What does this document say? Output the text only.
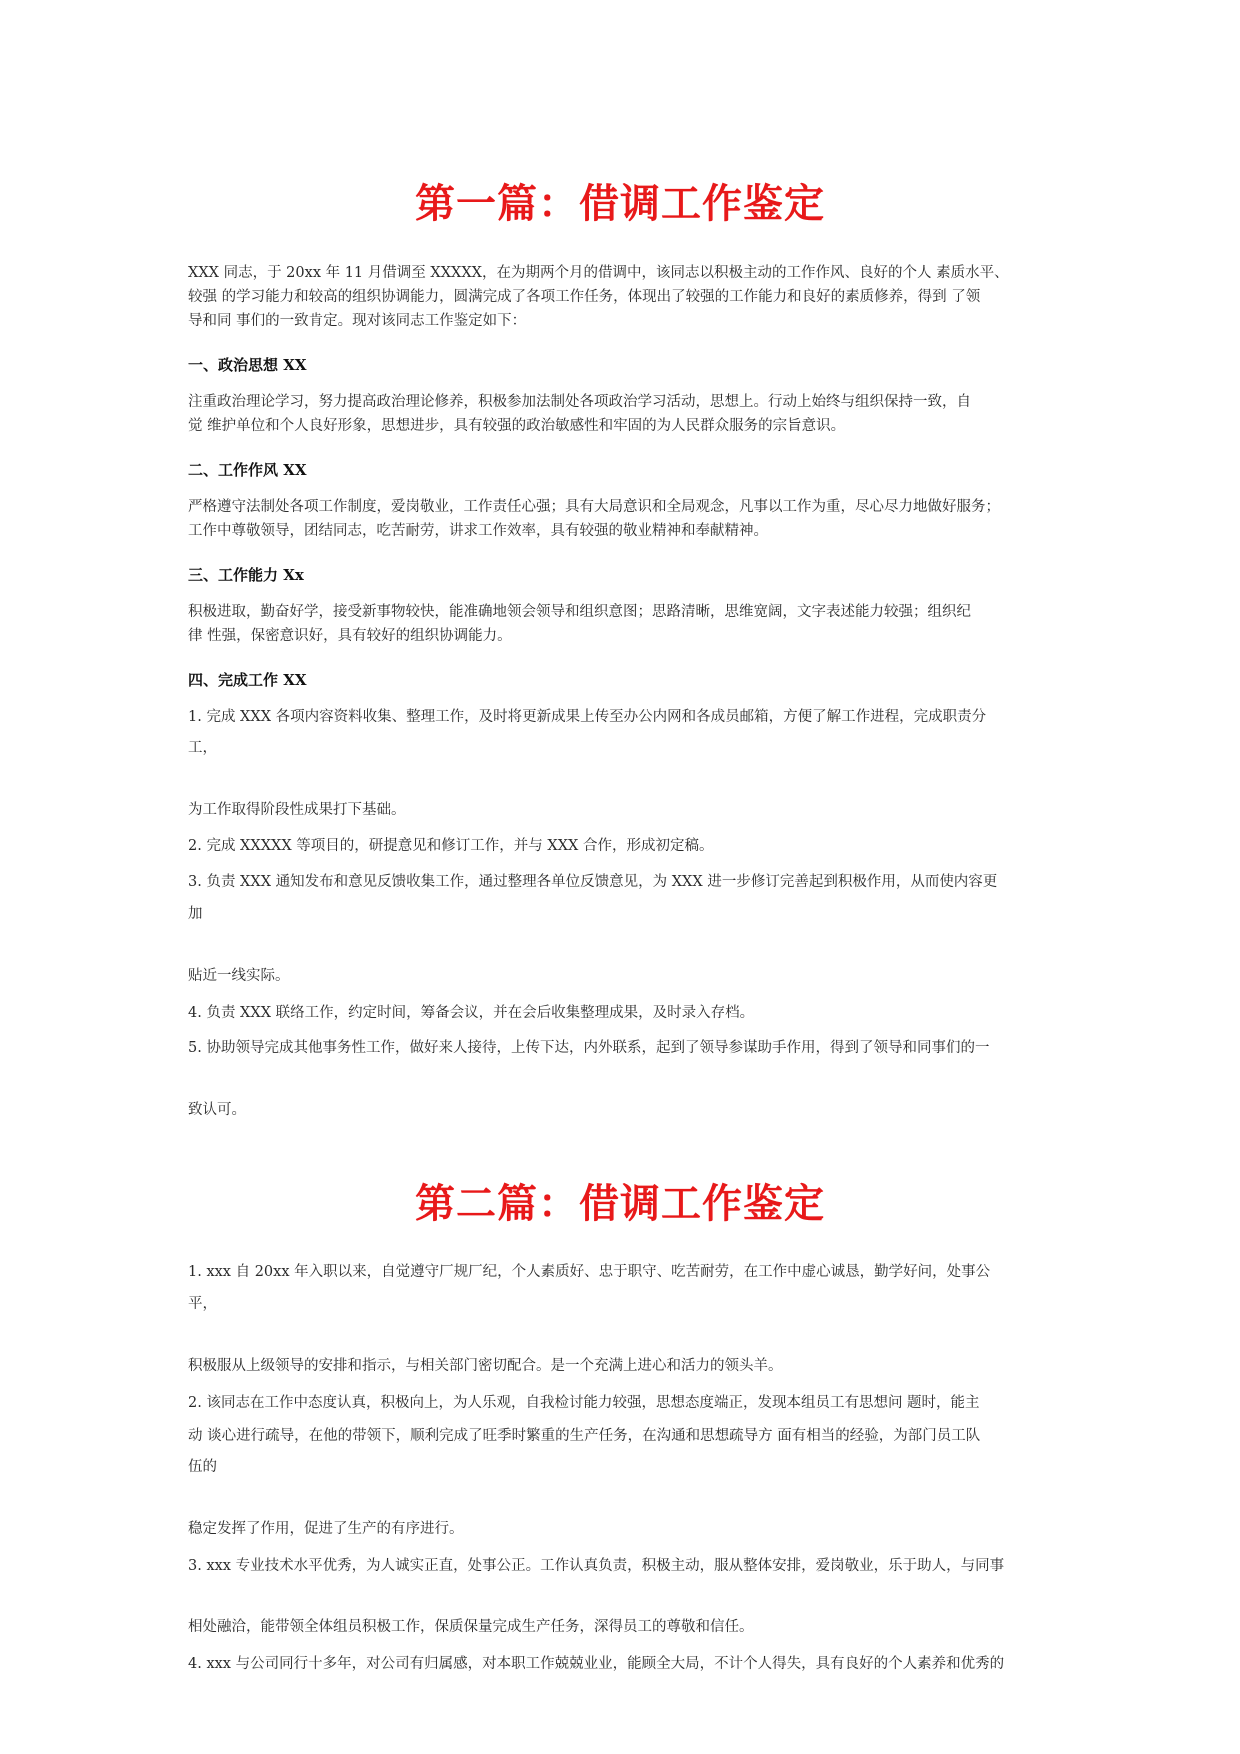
第一篇：借调工作鉴定
XXX 同志，于 20xx 年 11 月借调至 XXXXX，在为期两个月的借调中，该同志以积极主动的工作作风、良好的个人 素质水平、
较强 的学习能力和较高的组织协调能力，圆满完成了各项工作任务，体现出了较强的工作能力和良好的素质修养，得到 了领
导和同 事们的一致肯定。现对该同志工作鉴定如下：
一、政治思想 XX
注重政治理论学习，努力提高政治理论修养，积极参加法制处各项政治学习活动，思想上。行动上始终与组织保持一致，自
觉 维护单位和个人良好形象，思想进步，具有较强的政治敏感性和牢固的为人民群众服务的宗旨意识。
二、工作作风 XX
严格遵守法制处各项工作制度，爱岗敬业，工作责任心强；具有大局意识和全局观念，凡事以工作为重，尽心尽力地做好服务；
工作中尊敬领导，团结同志，吃苦耐劳，讲求工作效率，具有较强的敬业精神和奉献精神。
三、工作能力 Xx
积极进取，勤奋好学，接受新事物较快，能准确地领会领导和组织意图；思路清晰，思维宽阔，文字表述能力较强；组织纪
律 性强，保密意识好，具有较好的组织协调能力。
四、完成工作 XX
1. 完成 XXX 各项内容资料收集、整理工作，及时将更新成果上传至办公内网和各成员邮箱，方便了解工作进程，完成职责分
工，
为工作取得阶段性成果打下基础。
2. 完成 XXXXX 等项目的，研提意见和修订工作，并与 XXX 合作，形成初定稿。
3. 负责 XXX 通知发布和意见反馈收集工作，通过整理各单位反馈意见，为 XXX 进一步修订完善起到积极作用，从而使内容更
加
贴近一线实际。
4. 负责 XXX 联络工作，约定时间，筹备会议，并在会后收集整理成果，及时录入存档。
5. 协助领导完成其他事务性工作，做好来人接待，上传下达，内外联系，起到了领导参谋助手作用，得到了领导和同事们的一
致认可。
第二篇：借调工作鉴定
1. xxx 自 20xx 年入职以来，自觉遵守厂规厂纪，个人素质好、忠于职守、吃苦耐劳，在工作中虚心诚恳，勤学好问，处事公
平，
积极服从上级领导的安排和指示，与相关部门密切配合。是一个充满上进心和活力的领头羊。
2. 该同志在工作中态度认真，积极向上，为人乐观，自我检讨能力较强，思想态度端正，发现本组员工有思想问 题时，能主
动 谈心进行疏导，在他的带领下，顺利完成了旺季时繁重的生产任务，在沟通和思想疏导方 面有相当的经验，为部门员工队
伍的
稳定发挥了作用，促进了生产的有序进行。
3. xxx 专业技术水平优秀，为人诚实正直，处事公正。工作认真负责，积极主动，服从整体安排，爱岗敬业，乐于助人，与同事
相处融洽，能带领全体组员积极工作，保质保量完成生产任务，深得员工的尊敬和信任。
4. xxx 与公司同行十多年，对公司有归属感，对本职工作兢兢业业，能顾全大局，不计个人得失，具有良好的个人素养和优秀的
